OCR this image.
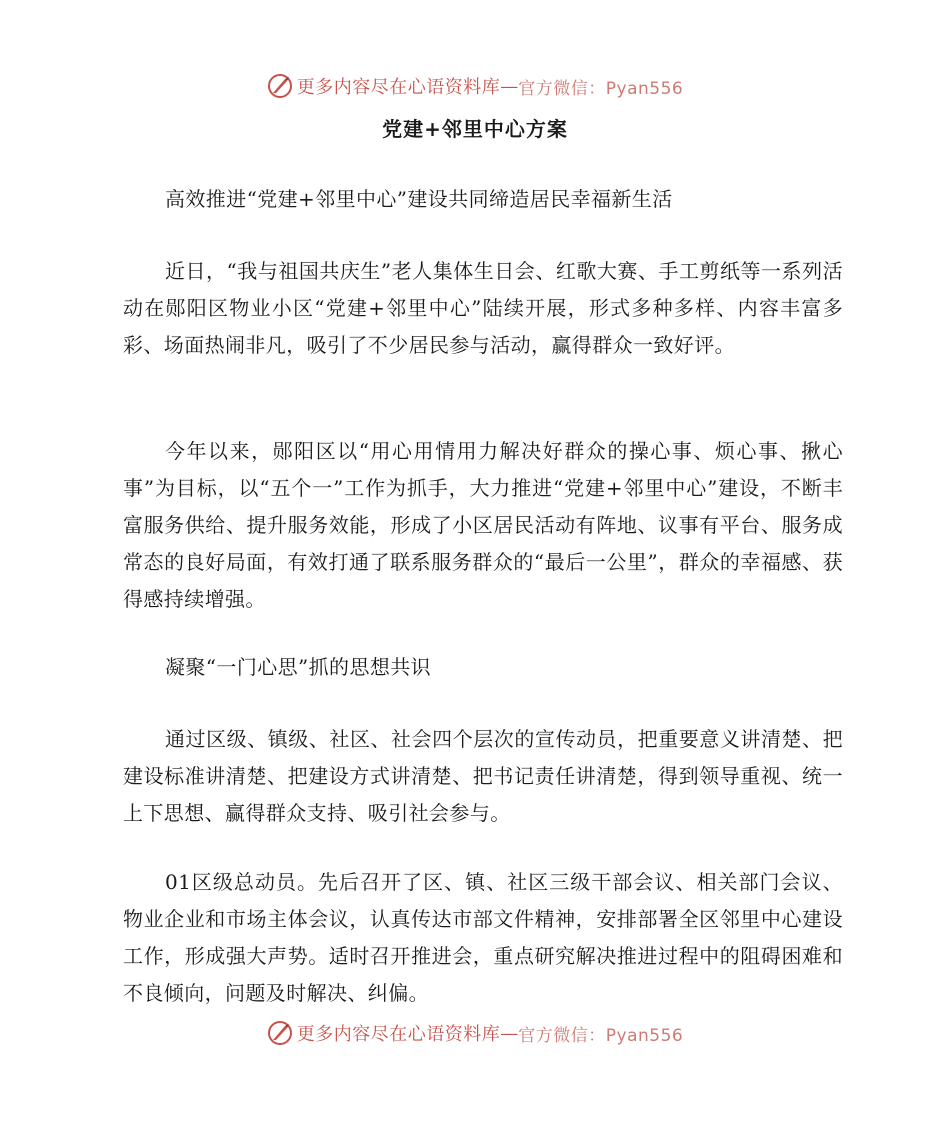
更多内容尽在心语资料库 — 官方微信：Pyan556
党建+邻里中心方案

高效推进“党建+邻里中心”建设共同缔造居民幸福新生活

近日，“我与祖国共庆生”老人集体生日会、红歌大赛、手工剪纸等一系列活动在郧阳区物业小区“党建+邻里中心”陆续开展，形式多种多样、内容丰富多彩、场面热闹非凡，吸引了不少居民参与活动，赢得群众一致好评。

今年以来，郧阳区以“用心用情用力解决好群众的操心事、烦心事、揪心事”为目标，以“五个一”工作为抓手，大力推进“党建+邻里中心”建设，不断丰富服务供给、提升服务效能，形成了小区居民活动有阵地、议事有平台、服务成常态的良好局面，有效打通了联系服务群众的“最后一公里”，群众的幸福感、获得感持续增强。

凝聚“一门心思”抓的思想共识

通过区级、镇级、社区、社会四个层次的宣传动员，把重要意义讲清楚、把建设标准讲清楚、把建设方式讲清楚、把书记责任讲清楚，得到领导重视、统一上下思想、赢得群众支持、吸引社会参与。

01区级总动员。先后召开了区、镇、社区三级干部会议、相关部门会议、物业企业和市场主体会议，认真传达市部文件精神，安排部署全区邻里中心建设工作，形成强大声势。适时召开推进会，重点研究解决推进过程中的阻碍困难和不良倾向，问题及时解决、纠偏。

更多内容尽在心语资料库 — 官方微信：Pyan556
